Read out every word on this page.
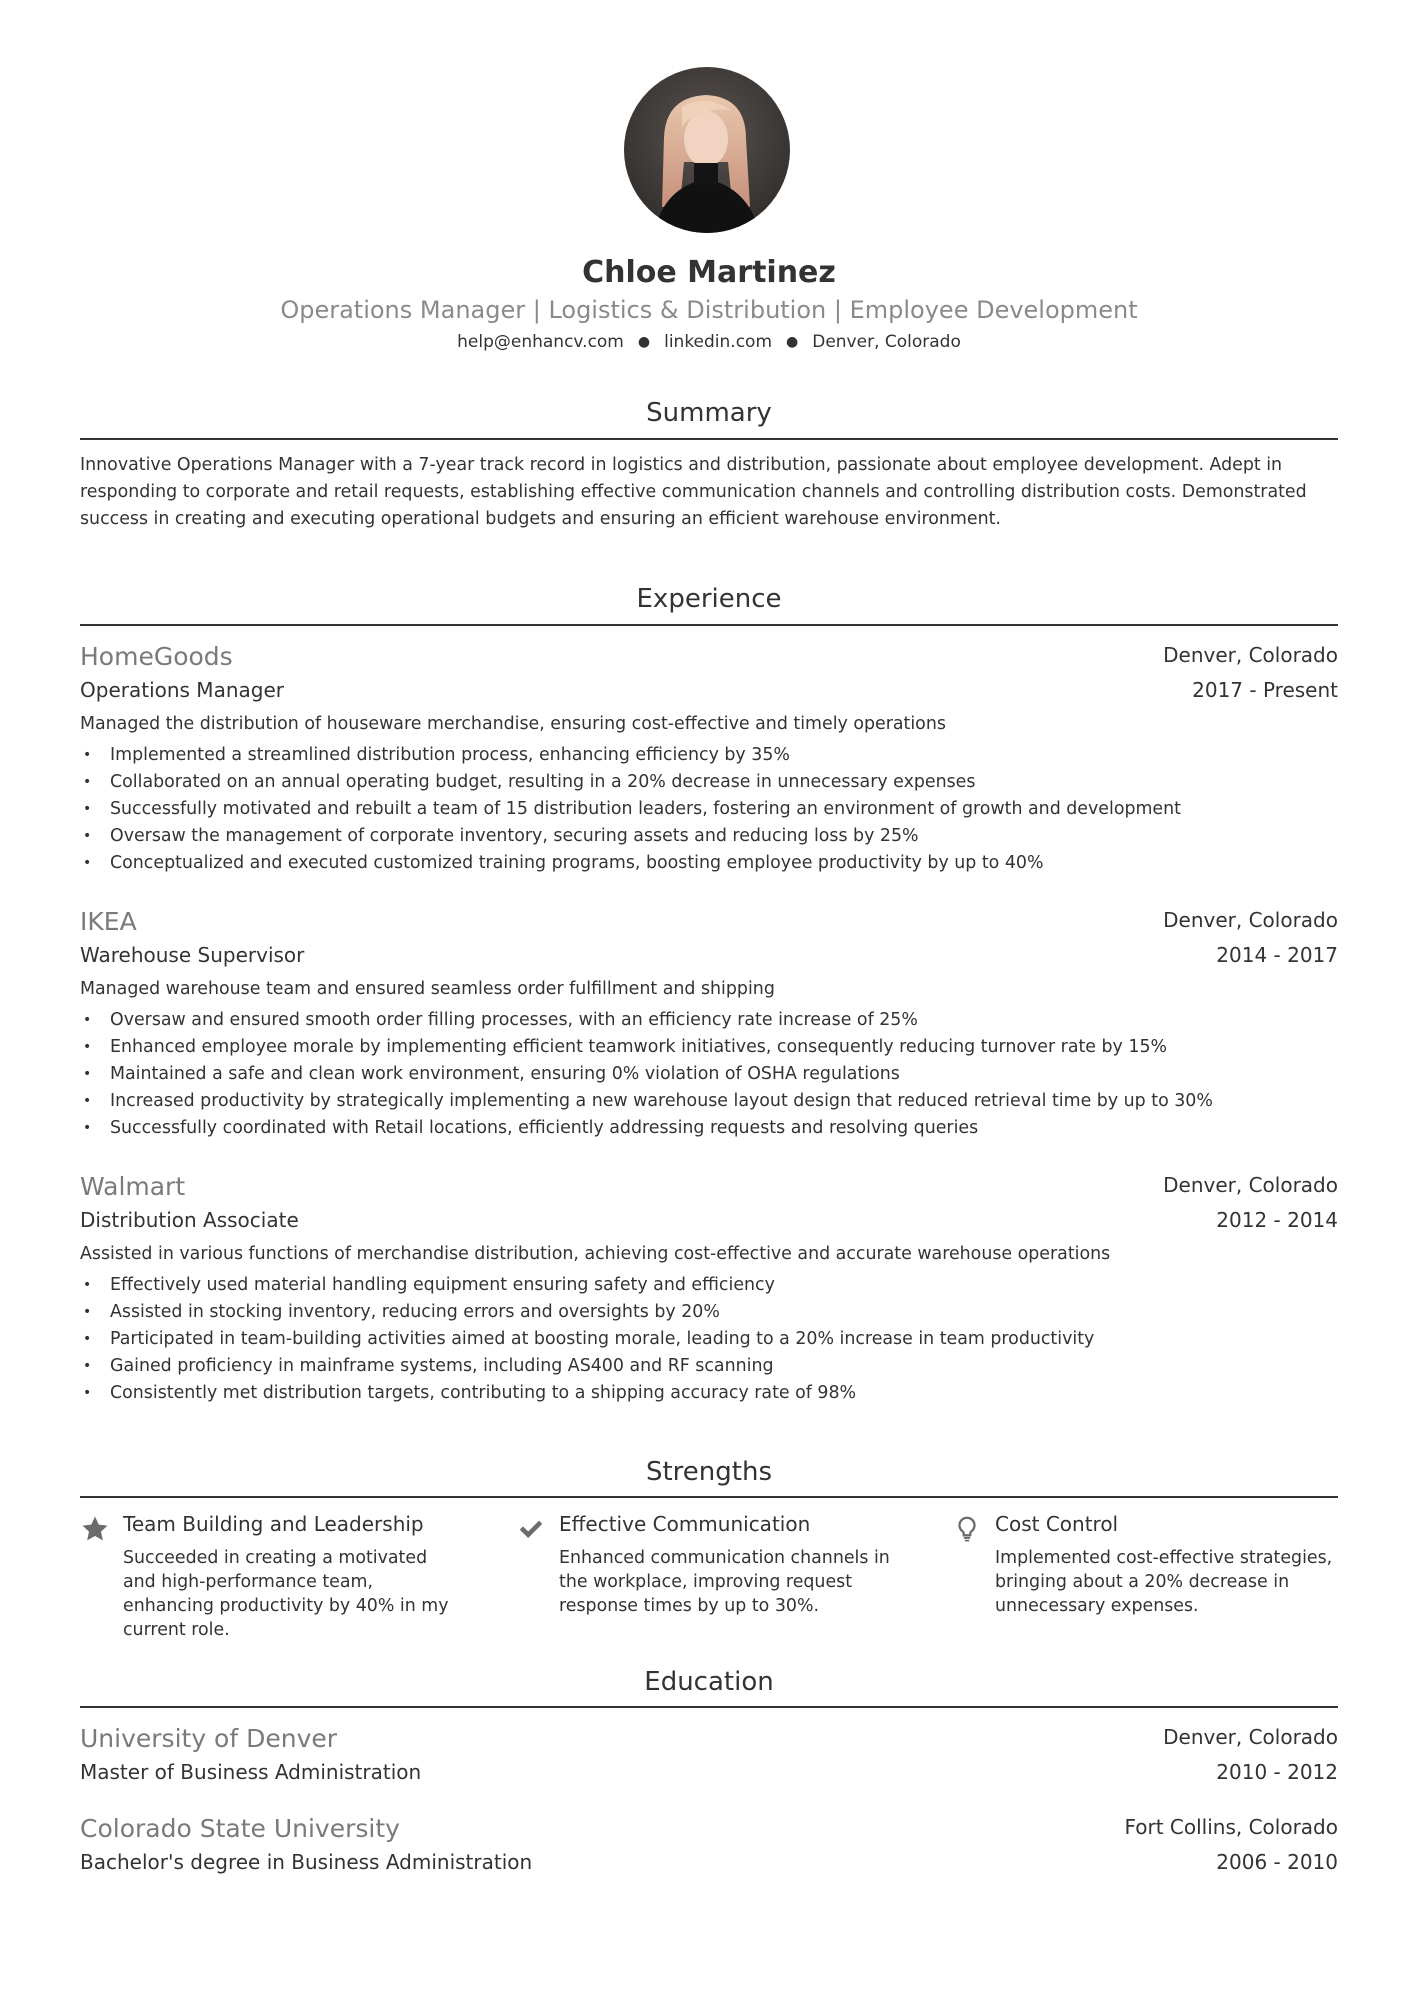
Chloe Martinez
Operations Manager | Logistics & Distribution | Employee Development
help@enhancv.com ● linkedin.com ● Denver, Colorado
Summary
Innovative Operations Manager with a 7-year track record in logistics and distribution, passionate about employee development. Adept in responding to corporate and retail requests, establishing effective communication channels and controlling distribution costs. Demonstrated success in creating and executing operational budgets and ensuring an efficient warehouse environment.
Experience
Denver, Colorado
2017 - Present
HomeGoods
Operations Manager
Managed the distribution of houseware merchandise, ensuring cost-effective and timely operations
• Implemented a streamlined distribution process, enhancing efficiency by 35%
• Collaborated on an annual operating budget, resulting in a 20% decrease in unnecessary expenses
• Successfully motivated and rebuilt a team of 15 distribution leaders, fostering an environment of growth and development
• Oversaw the management of corporate inventory, securing assets and reducing loss by 25%
• Conceptualized and executed customized training programs, boosting employee productivity by up to 40%
Denver, Colorado
2014 - 2017
IKEA
Warehouse Supervisor
Managed warehouse team and ensured seamless order fulfillment and shipping
• Oversaw and ensured smooth order filling processes, with an efficiency rate increase of 25%
• Enhanced employee morale by implementing efficient teamwork initiatives, consequently reducing turnover rate by 15%
• Maintained a safe and clean work environment, ensuring 0% violation of OSHA regulations
• Increased productivity by strategically implementing a new warehouse layout design that reduced retrieval time by up to 30%
• Successfully coordinated with Retail locations, efficiently addressing requests and resolving queries
Denver, Colorado
2012 - 2014
Walmart
Distribution Associate
Assisted in various functions of merchandise distribution, achieving cost-effective and accurate warehouse operations
• Effectively used material handling equipment ensuring safety and efficiency
• Assisted in stocking inventory, reducing errors and oversights by 20%
• Participated in team-building activities aimed at boosting morale, leading to a 20% increase in team productivity
• Gained proficiency in mainframe systems, including AS400 and RF scanning
• Consistently met distribution targets, contributing to a shipping accuracy rate of 98%
Strengths
Team Building and Leadership
Succeeded in creating a motivated and high-performance team, enhancing productivity by 40% in my current role.
Effective Communication
Enhanced communication channels in the workplace, improving request response times by up to 30%.
Cost Control
Implemented cost-effective strategies, bringing about a 20% decrease in unnecessary expenses.
Education
Denver, Colorado
2010 - 2012
University of Denver
Master of Business Administration
Fort Collins, Colorado
2006 - 2010
Colorado State University
Bachelor's degree in Business Administration
